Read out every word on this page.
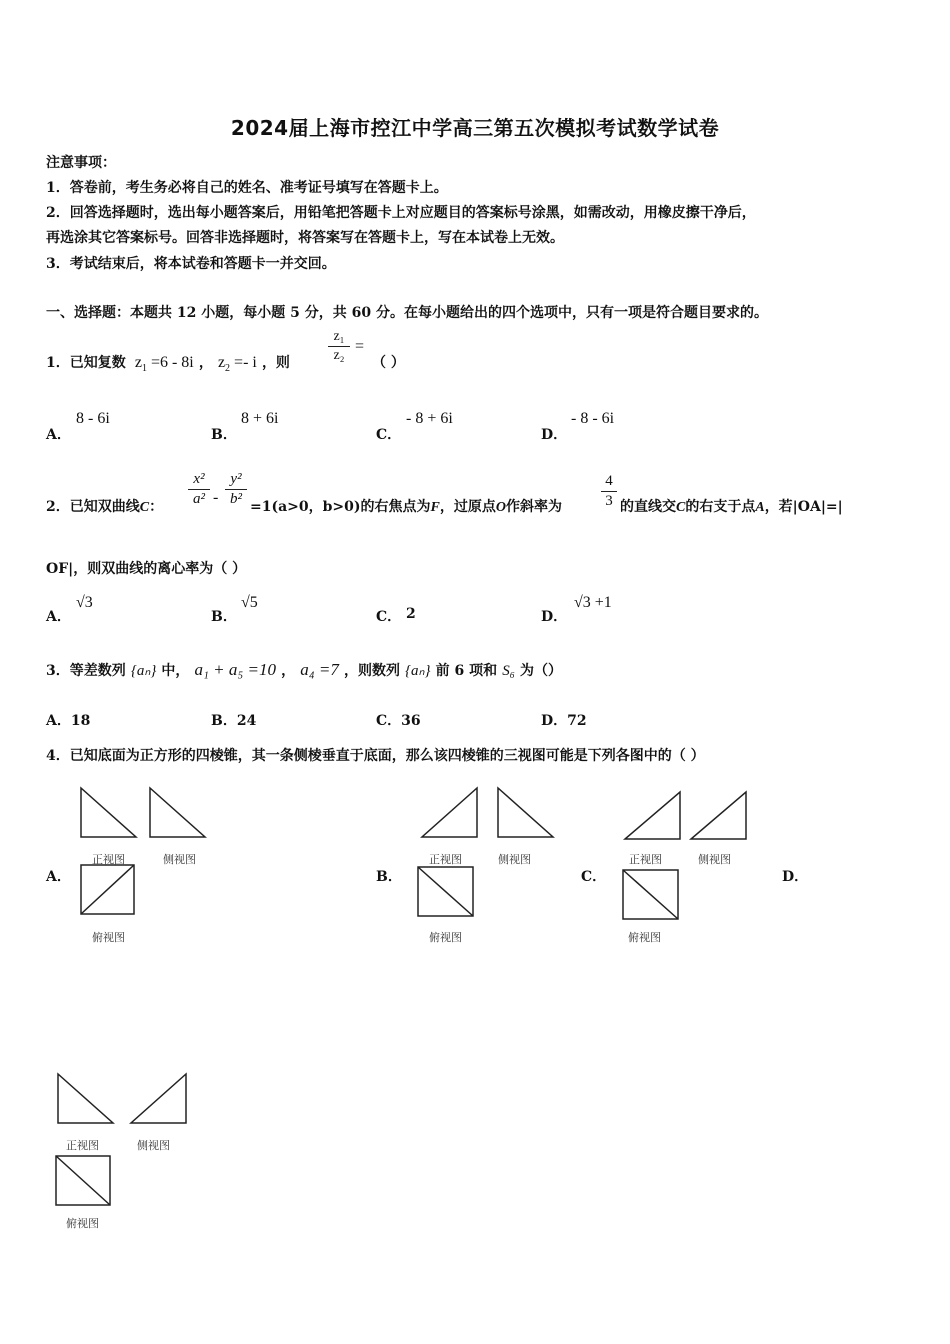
2024届上海市控江中学高三第五次模拟考试数学试卷
注意事项：
1．答卷前，考生务必将自己的姓名、准考证号填写在答题卡上。
2．回答选择题时，选出每小题答案后，用铅笔把答题卡上对应题目的答案标号涂黑，如需改动，用橡皮擦干净后，
再选涂其它答案标号。回答非选择题时，将答案写在答题卡上，写在本试卷上无效。
3．考试结束后，将本试卷和答题卡一并交回。
一、选择题：本题共 12 小题，每小题 5 分，共 60 分。在每小题给出的四个选项中，只有一项是符合题目要求的。
1．已知复数 $z_1 =6 - 8i$ ， $z_2 =- i$ ，则
z₁
z₂
=
（ ）
A．
8 - 6i
B．
8 + 6i
C．
- 8 + 6i
D．
- 8 - 6i
2．已知双曲线C：
x²
a² -
y²
b² =1(a>0，b>0)的右焦点为F，过原点O作斜率为
4
3 的直线交C的右支于点A，若|OA|=|
OF|，则双曲线的离心率为（ ）
A．
√3
B．
√5
C． 2	D．
√3 +1
3．等差数列 {aₙ} 中， a₁ + a₅ =10 ， a₄ =7 ，则数列 {aₙ} 前 6 项和 S₆ 为（）
A．18	B．24	C．36	D．72
4．已知底面为正方形的四棱锥，其一条侧棱垂直于底面，那么该四棱锥的三视图可能是下列各图中的（ ）
A．	B．	C．	D．
正视图	侧视图
俯视图
正视图	侧视图
俯视图
正视图	侧视图
俯视图
正视图	侧视图
俯视图
